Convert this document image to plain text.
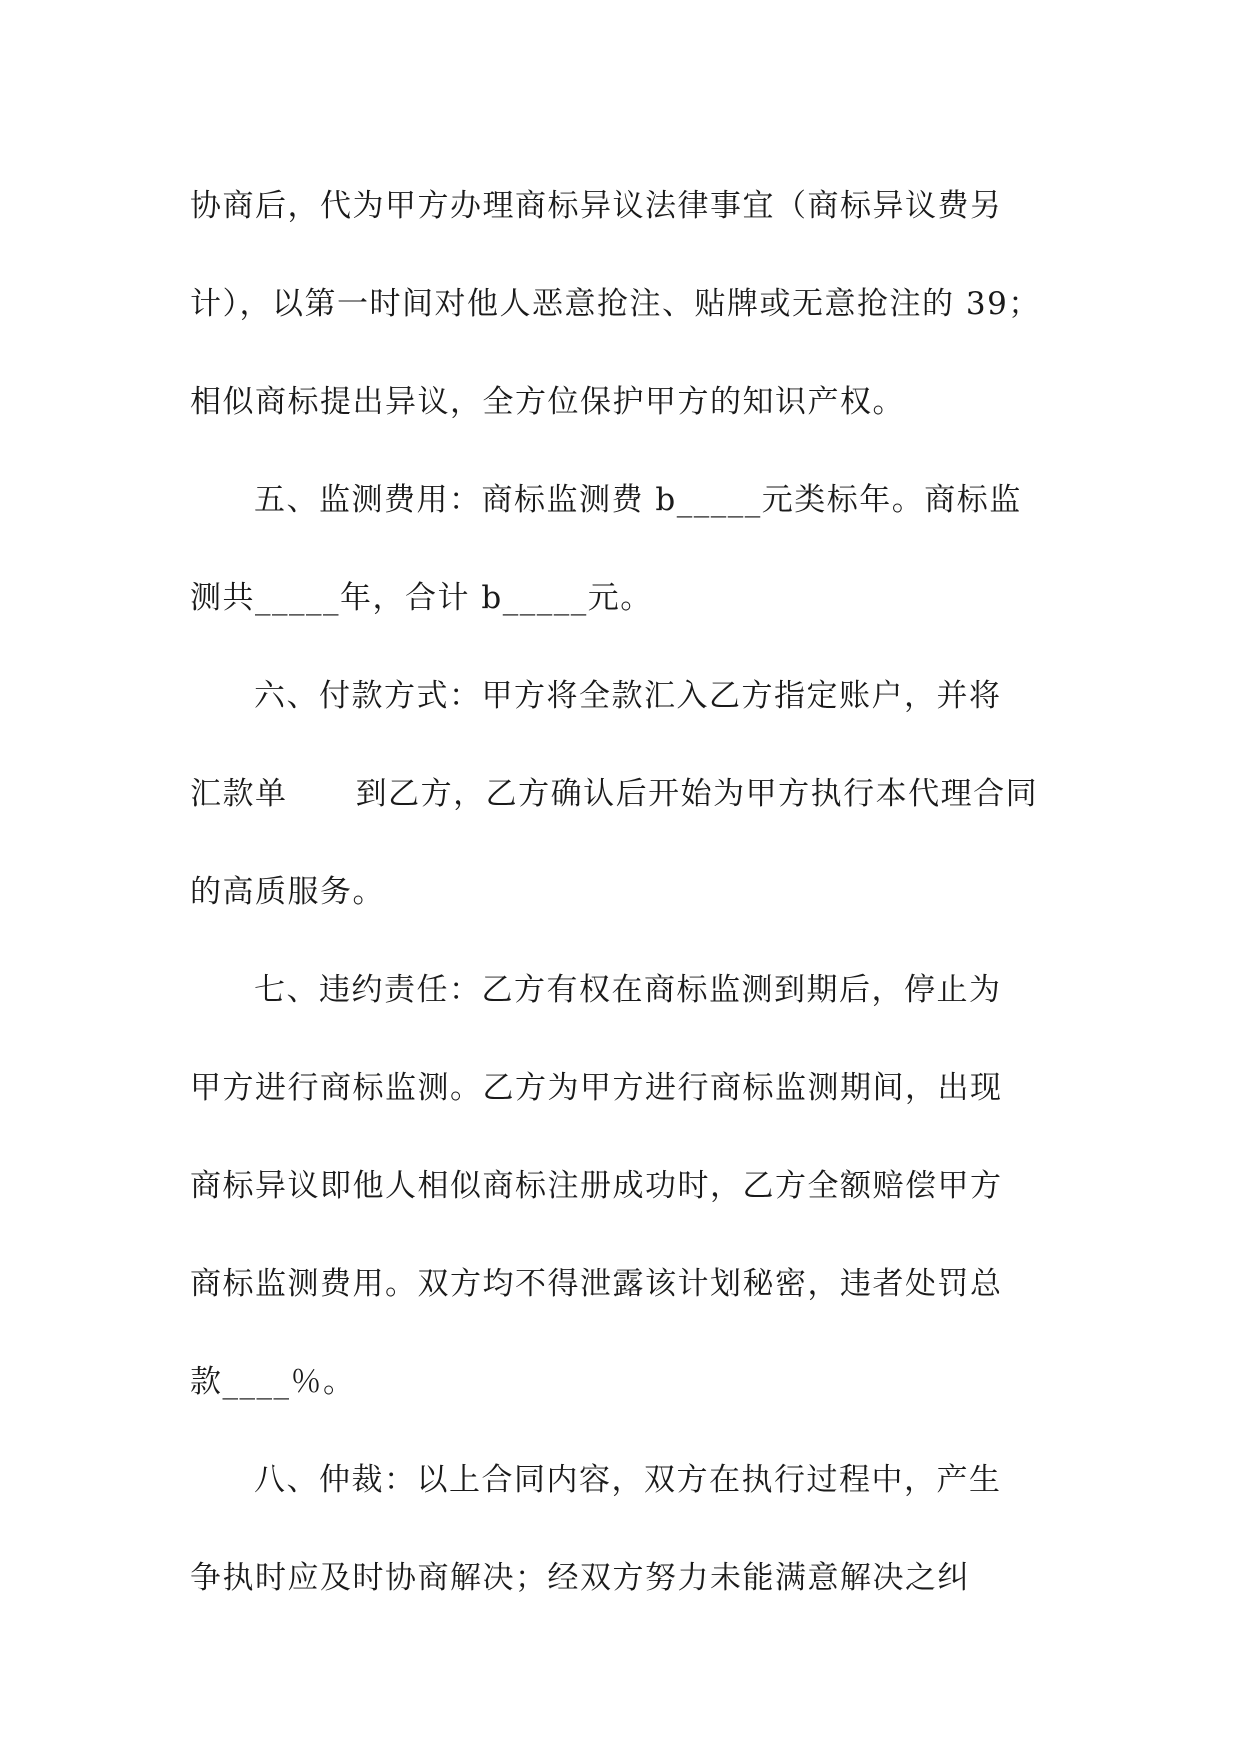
协商后，代为甲方办理商标异议法律事宜（商标异议费另
计），以第一时间对他人恶意抢注、贴牌或无意抢注的 39；
相似商标提出异议，全方位保护甲方的知识产权。
五、监测费用：商标监测费 b_____元类标年。商标监
测共_____年，合计 b_____元。
六、付款方式：甲方将全款汇入乙方指定账户，并将
汇款单      到乙方，乙方确认后开始为甲方执行本代理合同
的高质服务。
七、违约责任：乙方有权在商标监测到期后，停止为
甲方进行商标监测。乙方为甲方进行商标监测期间，出现
商标异议即他人相似商标注册成功时，乙方全额赔偿甲方
商标监测费用。双方均不得泄露该计划秘密，违者处罚总
款____％。
八、仲裁：以上合同内容，双方在执行过程中，产生
争执时应及时协商解决；经双方努力未能满意解决之纠
